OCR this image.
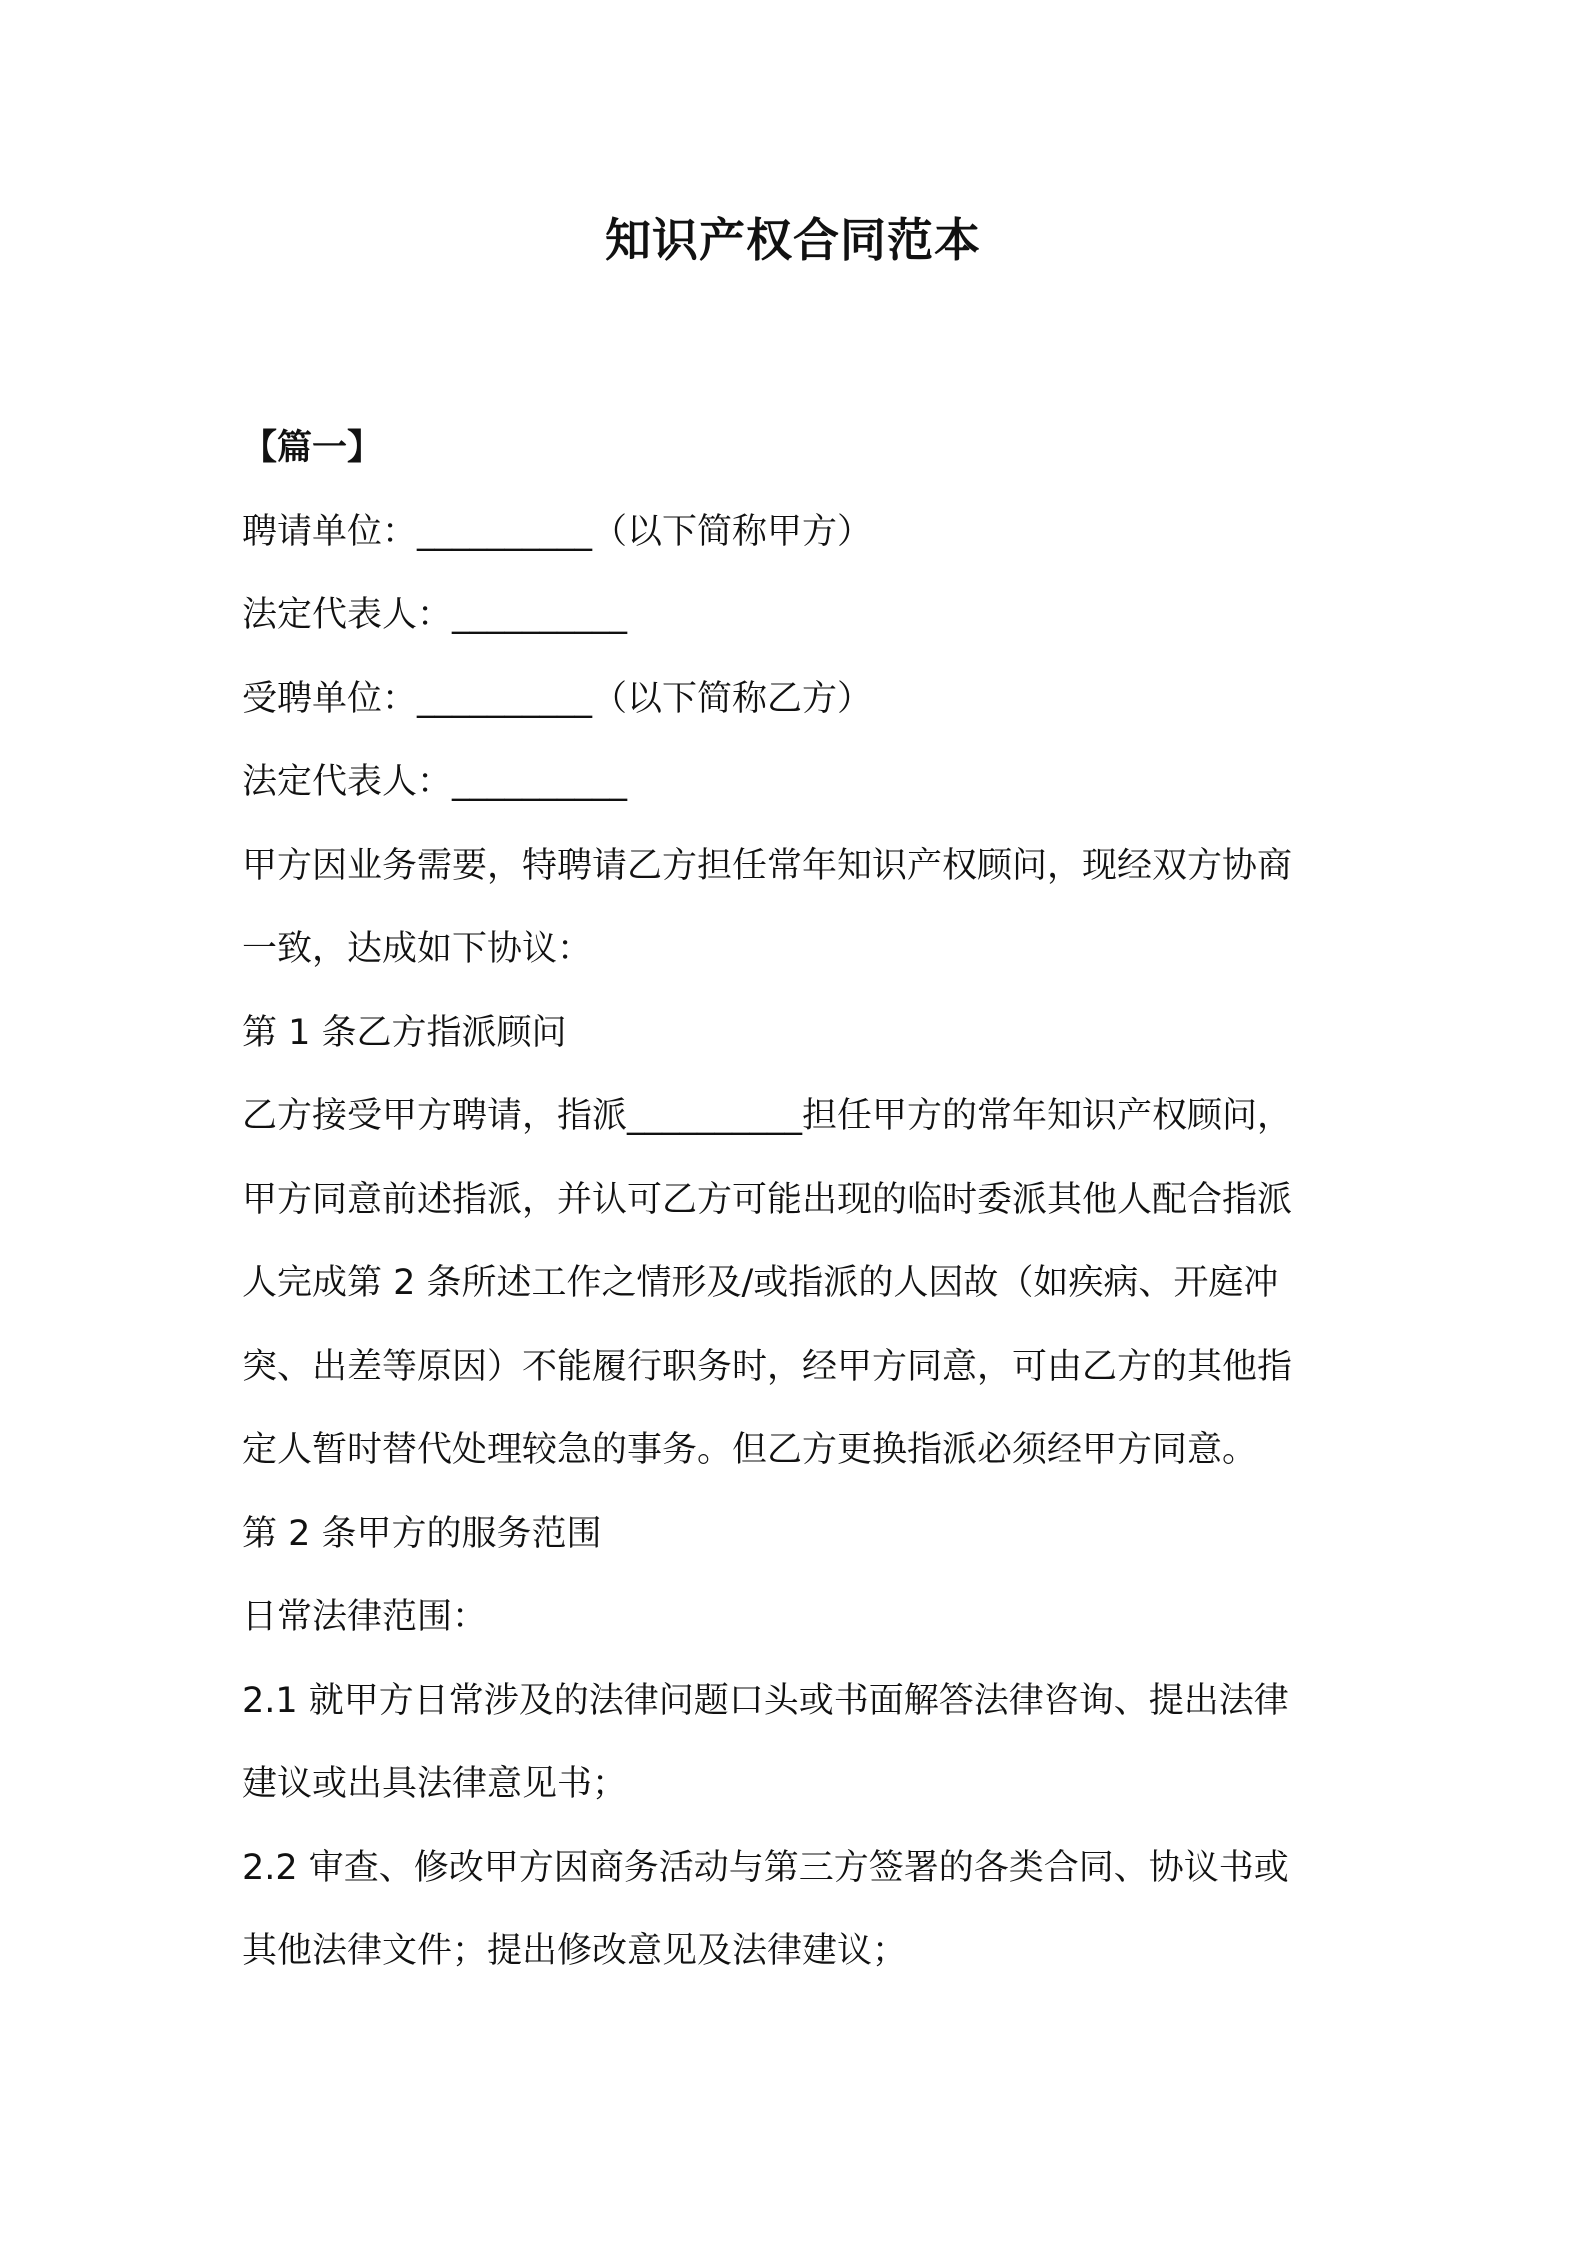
知识产权合同范本
【篇一】
聘请单位：__________（以下简称甲方）
法定代表人：__________
受聘单位：__________（以下简称乙方）
法定代表人：__________
甲方因业务需要，特聘请乙方担任常年知识产权顾问，现经双方协商
一致，达成如下协议：
第 1 条乙方指派顾问
乙方接受甲方聘请，指派__________担任甲方的常年知识产权顾问，
甲方同意前述指派，并认可乙方可能出现的临时委派其他人配合指派
人完成第 2 条所述工作之情形及/或指派的人因故（如疾病、开庭冲
突、出差等原因）不能履行职务时，经甲方同意，可由乙方的其他指
定人暂时替代处理较急的事务。但乙方更换指派必须经甲方同意。
第 2 条甲方的服务范围
日常法律范围：
2.1 就甲方日常涉及的法律问题口头或书面解答法律咨询、提出法律
建议或出具法律意见书；
2.2 审查、修改甲方因商务活动与第三方签署的各类合同、协议书或
其他法律文件；提出修改意见及法律建议；
